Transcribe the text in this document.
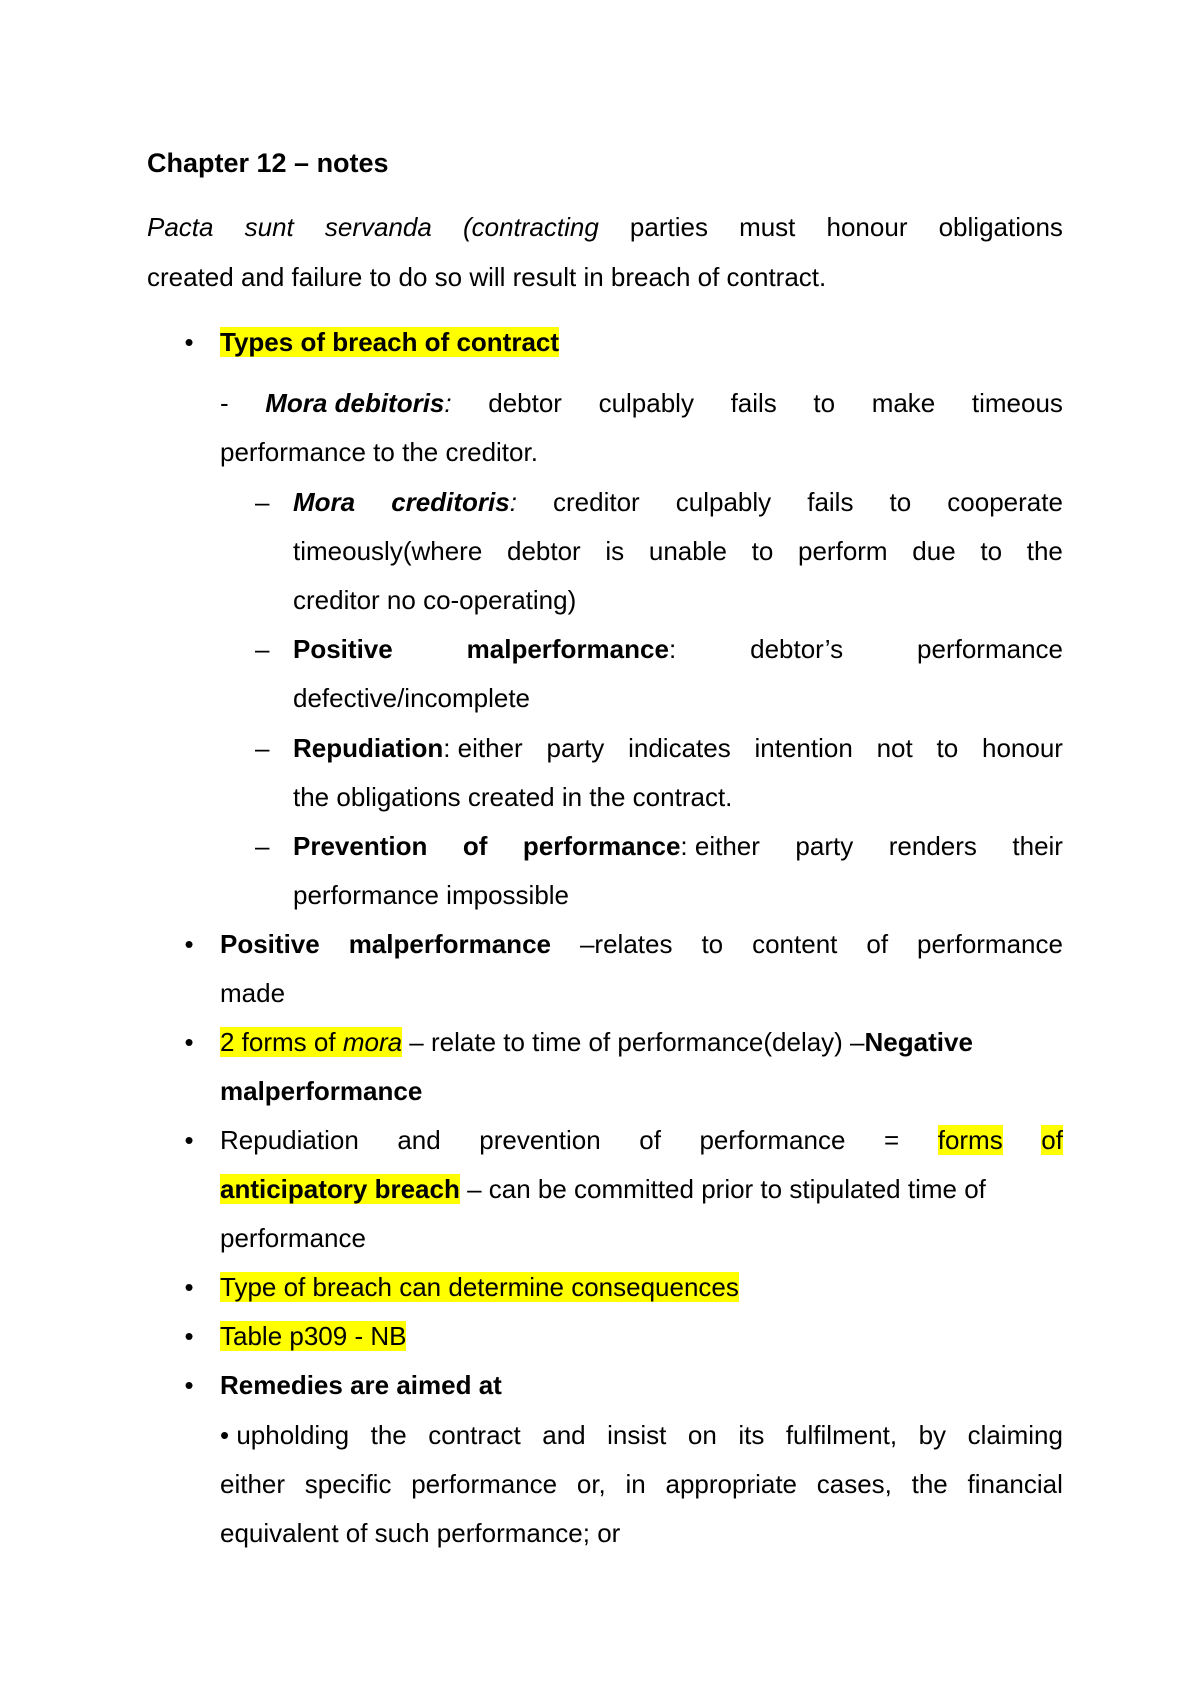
Chapter 12 – notes
Pacta sunt servanda (contracting parties must honour obligations
created and failure to do so will result in breach of contract.
• Types of breach of contract
- Mora debitoris: debtor culpably fails to make timeous
performance to the creditor.
– Mora creditoris: creditor culpably fails to cooperate
timeously(where debtor is unable to perform due to the
creditor no co-operating)
– Positive	malperformance:	debtor’s	performance
defective/incomplete
– Repudiation: either party indicates intention not to honour
the obligations created in the contract.
– Prevention of performance: either party renders their
performance impossible
• Positive malperformance –relates to content of performance
made
• 2 forms of mora – relate to time of performance(delay) –Negative
malperformance
• Repudiation and prevention of performance = forms of
anticipatory breach – can be committed prior to stipulated time of
performance
• Type of breach can determine consequences
• Table p309 - NB
• Remedies are aimed at
• upholding the contract and insist on its fulfilment, by claiming
either specific performance or, in appropriate cases, the financial
equivalent of such performance; or
